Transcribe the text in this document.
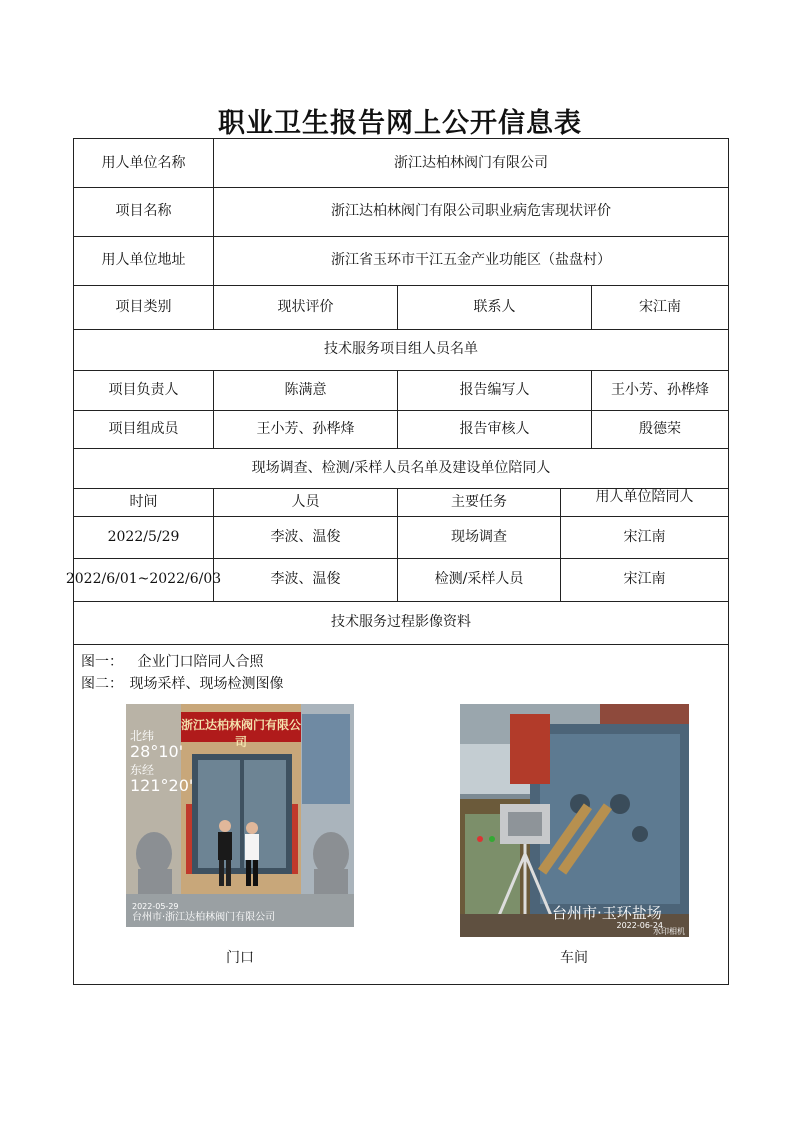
职业卫生报告网上公开信息表
用人单位名称	浙江达柏林阀门有限公司
项目名称	浙江达柏林阀门有限公司职业病危害现状评价
用人单位地址	浙江省玉环市干江五金产业功能区（盐盘村）
项目类别	现状评价	联系人	宋江南
技术服务项目组人员名单
项目负责人	陈满意	报告编写人	王小芳、孙桦烽
项目组成员	王小芳、孙桦烽	报告审核人	殷德荣
现场调查、检测/采样人员名单及建设单位陪同人
时间	人员	主要任务	用人单位陪同人
2022/5/29	李波、温俊	现场调查	宋江南
2022/6/01~2022/6/03	李波、温俊	检测/采样人员	宋江南
技术服务过程影像资料
图一： 企业门口陪同人合照
图二： 现场采样、现场检测图像
浙江达柏林阀门有限公司
北纬
28°10'
东经
121°20'
2022-05-29
台州市·浙江达柏林阀门有限公司
门口
台州市·玉环盐场
2022-06-24
水印相机
车间
